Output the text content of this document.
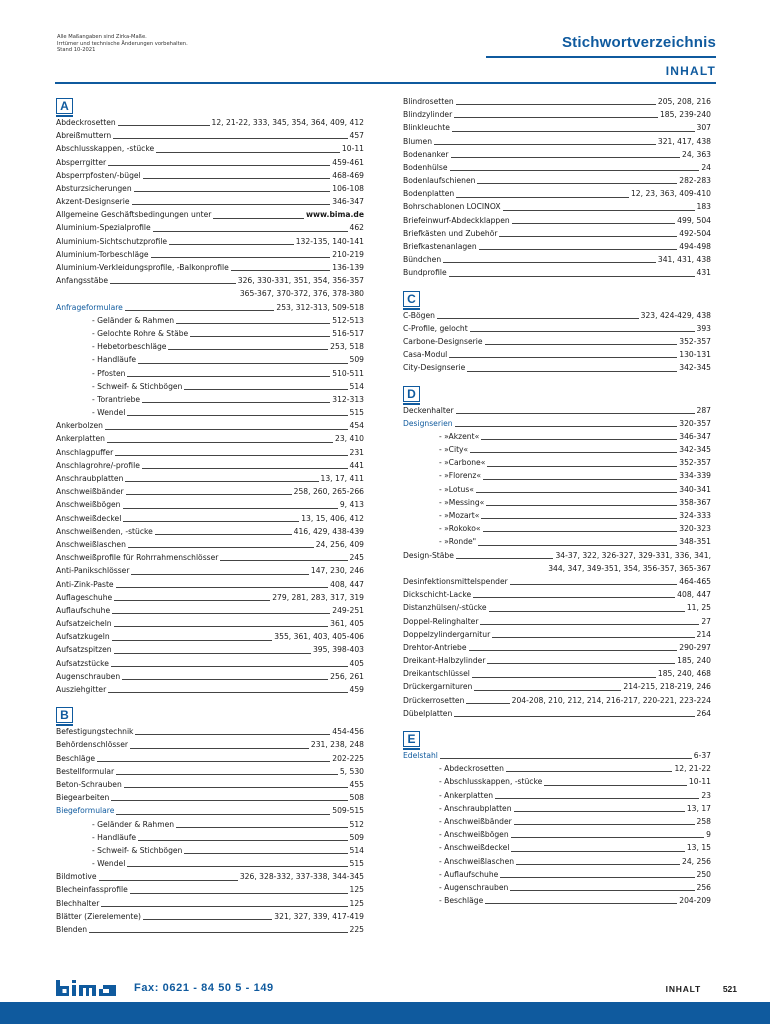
Alle Maßangaben sind Zirka-Maße.
Irrtümer und technische Änderungen vorbehalten.
Stand 10-2021	Stichwortverzeichnis
INHALT
A
Abdeckrosetten	12, 21-22, 333, 345, 354, 364, 409, 412
Abreißmuttern	457
Abschlusskappen, -stücke	10-11
Absperrgitter	459-461
Absperrpfosten/-bügel	468-469
Absturzsicherungen	106-108
Akzent-Designserie	346-347
Allgemeine Geschäftsbedingungen unter	www.bima.de
Aluminium-Spezialprofile	462
Aluminium-Sichtschutzprofile	132-135, 140-141
Aluminium-Torbeschläge	210-219
Aluminium-Verkleidungsprofile, -Balkonprofile	136-139
Anfangsstäbe	326, 330-331, 351, 354, 356-357
365-367, 370-372, 376, 378-380
Anfrageformulare	253, 312-313, 509-518
- Geländer & Rahmen	512-513
- Gelochte Rohre & Stäbe	516-517
- Hebetorbeschläge	253, 518
- Handläufe	509
- Pfosten	510-511
- Schweif- & Stichbögen	514
- Torantriebe	312-313
- Wendel	515
Ankerbolzen	454
Ankerplatten	23, 410
Anschlagpuffer	231
Anschlagrohre/-profile	441
Anschraubplatten	13, 17, 411
Anschweißbänder	258, 260, 265-266
Anschweißbögen	9, 413
Anschweißdeckel	13, 15, 406, 412
Anschweißenden, -stücke	416, 429, 438-439
Anschweißlaschen	24, 256, 409
Anschweißprofile für Rohrrahmenschlösser	245
Anti-Panikschlösser	147, 230, 246
Anti-Zink-Paste	408, 447
Auflageschuhe	279, 281, 283, 317, 319
Auflaufschuhe	249-251
Aufsatzeicheln	361, 405
Aufsatzkugeln	355, 361, 403, 405-406
Aufsatzspitzen	395, 398-403
Aufsatzstücke	405
Augenschrauben	256, 261
Ausziehgitter	459
B
Befestigungstechnik	454-456
Behördenschlösser	231, 238, 248
Beschläge	202-225
Bestellformular	5, 530
Beton-Schrauben	455
Biegearbeiten	508
Biegeformulare	509-515
- Geländer & Rahmen	512
- Handläufe	509
- Schweif- & Stichbögen	514
- Wendel	515
Bildmotive	326, 328-332, 337-338, 344-345
Blecheinfassprofile	125
Blechhalter	125
Blätter (Zierelemente)	321, 327, 339, 417-419
Blenden	225
Blindrosetten	205, 208, 216
Blindzylinder	185, 239-240
Blinkleuchte	307
Blumen	321, 417, 438
Bodenanker	24, 363
Bodenhülse	24
Bodenlaufschienen	282-283
Bodenplatten	12, 23, 363, 409-410
Bohrschablonen LOCINOX	183
Briefeinwurf-Abdeckklappen	499, 504
Briefkästen und Zubehör	492-504
Briefkastenanlagen	494-498
Bündchen	341, 431, 438
Bundprofile	431
C
C-Bögen	323, 424-429, 438
C-Profile, gelocht	393
Carbone-Designserie	352-357
Casa-Modul	130-131
City-Designserie	342-345
D
Deckenhalter	287
Designserien	320-357
- »Akzent«	346-347
- »City«	342-345
- »Carbone«	352-357
- »Florenz«	334-339
- »Lotus«	340-341
- »Messing«	358-367
- »Mozart«	324-333
- »Rokoko«	320-323
- »Ronde"	348-351
Design-Stäbe	34-37, 322, 326-327, 329-331, 336, 341,
344, 347, 349-351, 354, 356-357, 365-367
Desinfektionsmittelspender	464-465
Dickschicht-Lacke	408, 447
Distanzhülsen/-stücke	11, 25
Doppel-Relinghalter	27
Doppelzylindergarnitur	214
Drehtor-Antriebe	290-297
Dreikant-Halbzylinder	185, 240
Dreikantschlüssel	185, 240, 468
Drückergarnituren	214-215, 218-219, 246
Drückerrosetten	204-208, 210, 212, 214, 216-217, 220-221, 223-224
Dübelplatten	264
E
Edelstahl	6-37
- Abdeckrosetten	12, 21-22
- Abschlusskappen, -stücke	10-11
- Ankerplatten	23
- Anschraubplatten	13, 17
- Anschweißbänder	258
- Anschweißbögen	9
- Anschweißdeckel	13, 15
- Anschweißlaschen	24, 256
- Auflaufschuhe	250
- Augenschrauben	256
- Beschläge	204-209
Fax: 0621 - 84 50 5 - 149	INHALT	521
